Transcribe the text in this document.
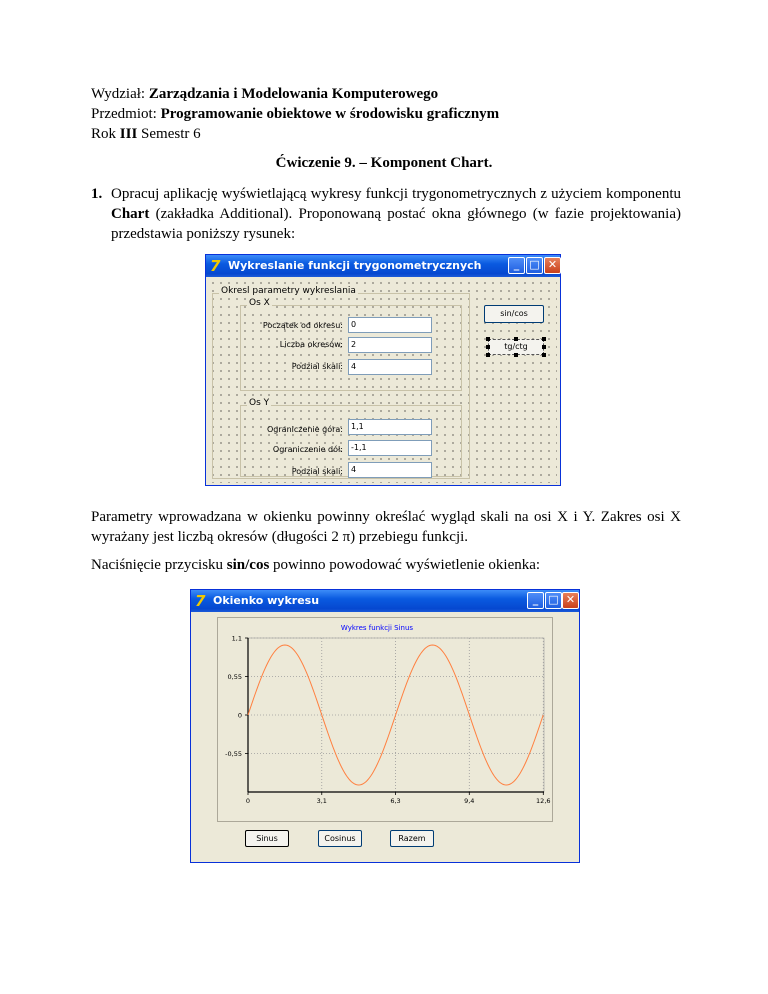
Wydział: Zarządzania i Modelowania Komputerowego
Przedmiot: Programowanie obiektowe w środowisku graficznym
Rok III Semestr 6
Ćwiczenie 9. – Komponent Chart.
1. Opracuj aplikację wyświetlającą wykresy funkcji trygonometrycznych z użyciem komponentu Chart (zakładka Additional). Proponowaną postać okna głównego (w fazie projektowania) przedstawia poniższy rysunek:
7 Wykreslanie funkcji trygonometrycznych	_ □ ✕
Okresl parametry wykreslania
Os X
Początek od okresu:	0
Liczba okresów:	2
Podzial skali:	4
Os Y
Ograniczenie góra:	1,1
Ograniczenie dół:	-1,1
Podzial skali:	4
sin/cos
tg/ctg
Parametry wprowadzana w okienku powinny określać wygląd skali na osi X i Y. Zakres osi X wyrażany jest liczbą okresów (długości 2 π) przebiegu funkcji.
Naciśnięcie przycisku sin/cos powinno powodować wyświetlenie okienka:
7 Okienko wykresu	_ □ ✕
Wykres funkcji Sinus
1,1
0,55
0
-0,55
0	3,1	6,3	9,4	12,6
Sinus	Cosinus	Razem
